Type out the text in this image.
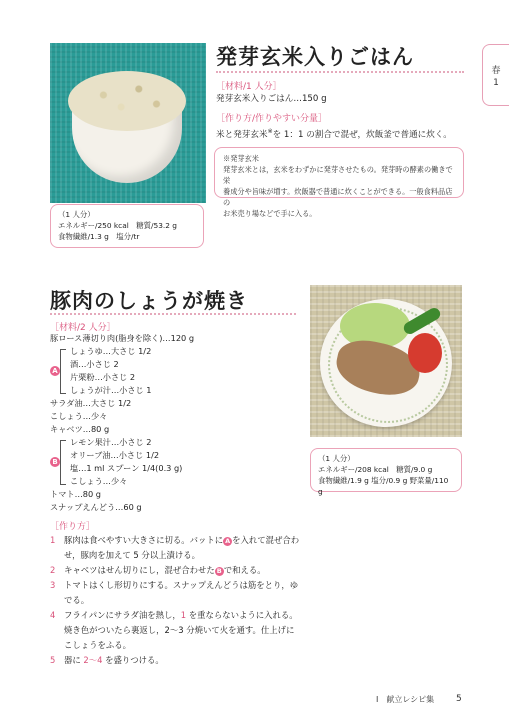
春
1
発芽玄米入りごはん
［材料/1 人分］
発芽玄米入りごはん…150 g
［作り方/作りやすい分量］
米と発芽玄米※を 1：1 の割合で混ぜ，炊飯釜で普通に炊く。
※発芽玄米
発芽玄米とは，玄米をわずかに発芽させたもの。発芽時の酵素の働きで栄
養成分や旨味が増す。炊飯器で普通に炊くことができる。一般食料品店の
お米売り場などで手に入る。
（1 人分）
エネルギー/250 kcal　糖質/53.2 g
食物繊維/1.3 g　塩分/tr
豚肉のしょうが焼き
［材料/2 人分］
豚ロース薄切り肉(脂身を除く)…120 g
A
しょうゆ…大さじ 1/2
酒…小さじ 2
片栗粉…小さじ 2
しょうが汁…小さじ 1
サラダ油…大さじ 1/2
こしょう…少々
キャベツ…80 g
B
レモン果汁…小さじ 2
オリーブ油…小さじ 1/2
塩…1 ml スプーン 1/4(0.3 g)
こしょう…少々
トマト…80 g
スナップえんどう…60 g
（1 人分）
エネルギー/208 kcal　糖質/9.0 g
食物繊維/1.9 g 塩分/0.9 g 野菜量/110 g
［作り方］
1 豚肉は食べやすい大きさに切る。バットに A を入れて混ぜ合わ
せ，豚肉を加えて 5 分以上漬ける。
2 キャベツはせん切りにし，混ぜ合わせた B で和える。
3 トマトはくし形切りにする。スナップえんどうは筋をとり，ゆ
でる。
4 フライパンにサラダ油を熱し，1 を重ならないように入れる。
焼き色がついたら裏返し，2〜3 分焼いて火を通す。仕上げに
こしょうをふる。
5 器に 2〜4 を盛りつける。
Ⅰ　献立レシピ集 5
